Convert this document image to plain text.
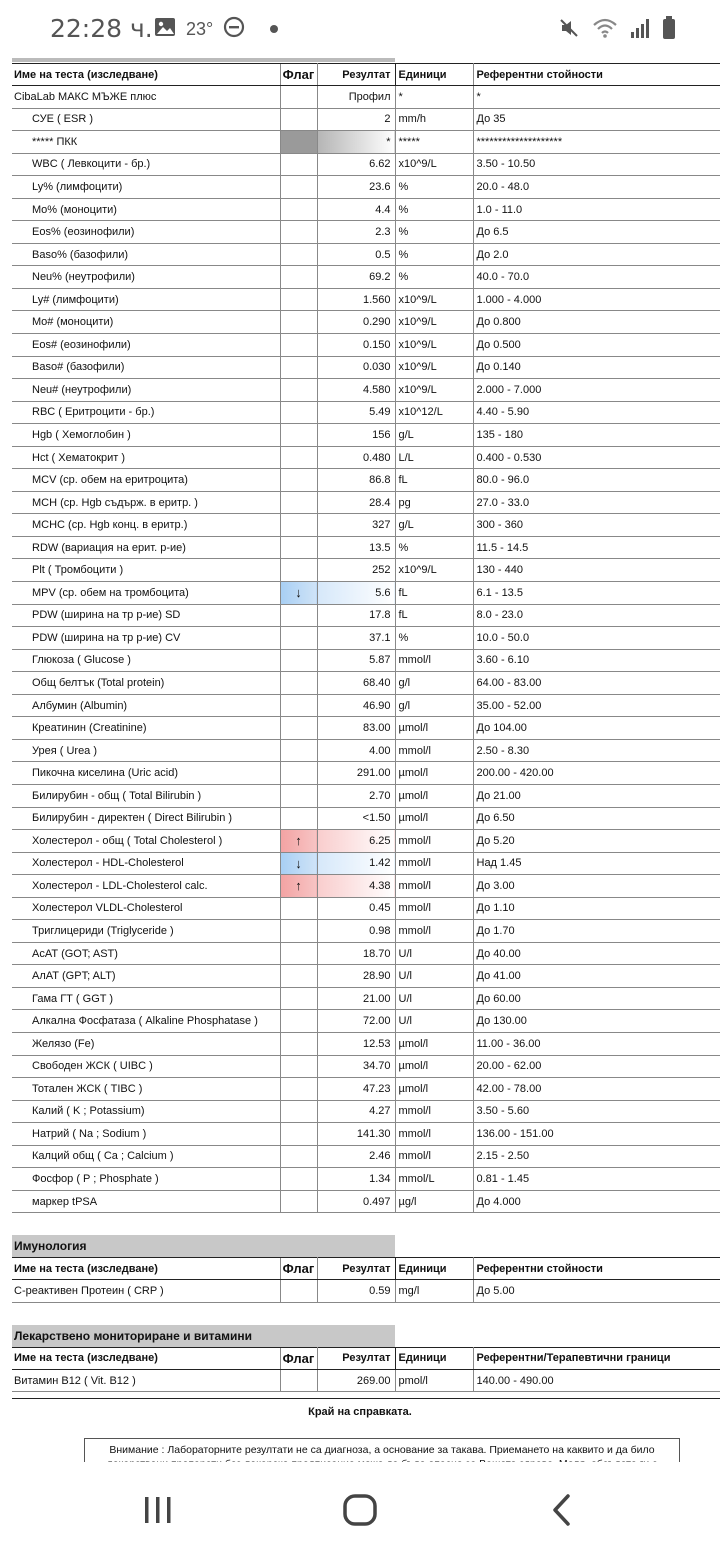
22:28 ч. 23°
Име на теста (изследване)	Флаг	Резултат	Единици	Референтни стойности
CibaLab МАКС МЪЖЕ плюс		Профил	*	*
СУЕ ( ESR )		2	mm/h	До 35
***** ПКК		*	*****	********************
WBC ( Левкоцити - бр.)		6.62	x10^9/L	3.50 - 10.50
Ly% (лимфоцити)		23.6	%	20.0 - 48.0
Mo% (моноцити)		4.4	%	1.0 - 11.0
Eos% (еозинофили)		2.3	%	До 6.5
Baso% (базофили)		0.5	%	До 2.0
Neu% (неутрофили)		69.2	%	40.0 - 70.0
Ly# (лимфоцити)		1.560	x10^9/L	1.000 - 4.000
Mo# (моноцити)		0.290	x10^9/L	До 0.800
Eos# (еозинофили)		0.150	x10^9/L	До 0.500
Baso# (базофили)		0.030	x10^9/L	До 0.140
Neu# (неутрофили)		4.580	x10^9/L	2.000 - 7.000
RBC ( Еритроцити - бр.)		5.49	x10^12/L	4.40 - 5.90
Hgb ( Хемоглобин )		156	g/L	135 - 180
Hct ( Хематокрит )		0.480	L/L	0.400 - 0.530
MCV (ср. обем на еритроцита)		86.8	fL	80.0 - 96.0
MCH (ср. Hgb съдърж. в еритр. )		28.4	pg	27.0 - 33.0
MCHC (ср. Hgb конц. в еритр.)		327	g/L	300 - 360
RDW (вариация на ерит. р-ие)		13.5	%	11.5 - 14.5
Plt ( Тромбоцити )		252	x10^9/L	130 - 440
MPV (ср. обем на тромбоцита)	↓	5.6	fL	6.1 - 13.5
PDW (ширина на тр р-ие) SD		17.8	fL	8.0 - 23.0
PDW (ширина на тр р-ие) CV		37.1	%	10.0 - 50.0
Глюкоза ( Glucose )		5.87	mmol/l	3.60 - 6.10
Общ белтък (Total protein)		68.40	g/l	64.00 - 83.00
Албумин (Albumin)		46.90	g/l	35.00 - 52.00
Креатинин (Creatinine)		83.00	µmol/l	До 104.00
Урея ( Urea )		4.00	mmol/l	2.50 - 8.30
Пикочна киселина (Uric acid)		291.00	µmol/l	200.00 - 420.00
Билирубин - общ ( Total Bilirubin )		2.70	µmol/l	До 21.00
Билирубин - директен ( Direct Bilirubin )		<1.50	µmol/l	До 6.50
Холестерол - общ ( Total Cholesterol )	↑	6.25	mmol/l	До 5.20
Холестерол - HDL-Cholesterol	↓	1.42	mmol/l	Над 1.45
Холестерол - LDL-Cholesterol calc.	↑	4.38	mmol/l	До 3.00
Холестерол VLDL-Cholesterol		0.45	mmol/l	До 1.10
Триглицериди (Triglyceride )		0.98	mmol/l	До 1.70
АсАТ (GOT; AST)		18.70	U/l	До 40.00
АлАТ (GPT; ALT)		28.90	U/l	До 41.00
Гама ГТ ( GGT )		21.00	U/l	До 60.00
Алкална Фосфатаза ( Alkaline Phosphatase )		72.00	U/l	До 130.00
Желязо (Fe)		12.53	µmol/l	11.00 - 36.00
Свободен ЖСК ( UIBC )		34.70	µmol/l	20.00 - 62.00
Тотален ЖСК ( TIBC )		47.23	µmol/l	42.00 - 78.00
Калий ( K ; Potassium)		4.27	mmol/l	3.50 - 5.60
Натрий ( Na ; Sodium )		141.30	mmol/l	136.00 - 151.00
Калций общ ( Ca ; Calcium )		2.46	mmol/l	2.15 - 2.50
Фосфор ( P ; Phosphate )		1.34	mmol/L	0.81 - 1.45
маркер tPSA		0.497	µg/l	До 4.000
Имунология
Име на теста (изследване)	Флаг	Резултат	Единици	Референтни стойности
С-реактивен Протеин ( CRP )		0.59	mg/l	До 5.00
Лекарствено мониториране и витамини
Име на теста (изследване)	Флаг	Резултат	Единици	Референтни/Терапевтични граници
Витамин B12 ( Vit. B12 )		269.00	pmol/l	140.00 - 490.00
Край на справката.
Внимание : Лабораторните резултати не са диагноза, а основание за такава. Приемането на каквито и да било
